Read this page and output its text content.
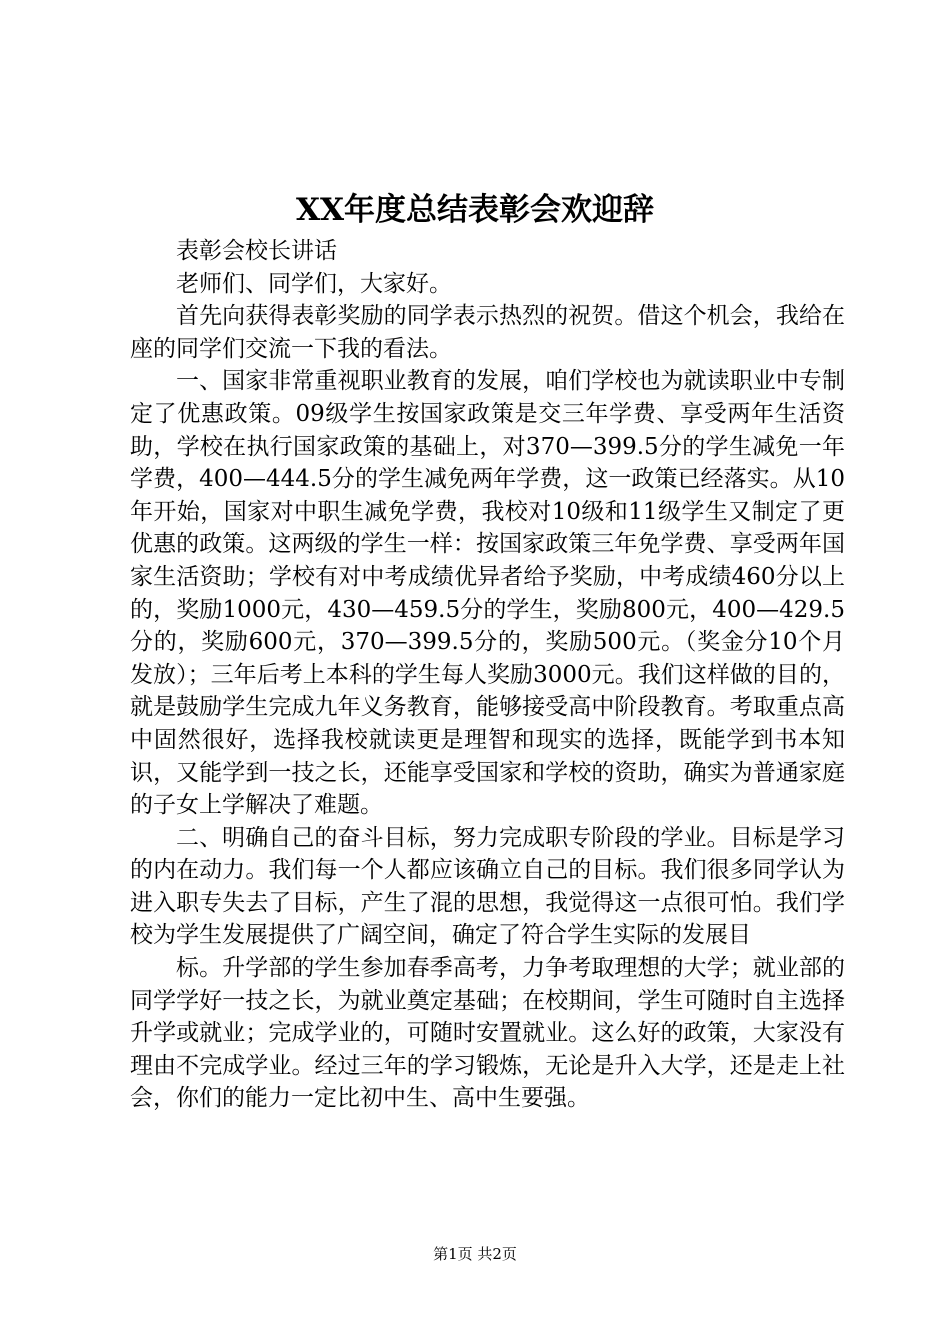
XX年度总结表彰会欢迎辞

表彰会校长讲话

老师们、同学们，大家好。

首先向获得表彰奖励的同学表示热烈的祝贺。借这个机会，我给在座的同学们交流一下我的看法。

一、国家非常重视职业教育的发展，咱们学校也为就读职业中专制定了优惠政策。09级学生按国家政策是交三年学费、享受两年生活资助，学校在执行国家政策的基础上，对370—399.5分的学生减免一年学费，400—444.5分的学生减免两年学费，这一政策已经落实。从10年开始，国家对中职生减免学费，我校对10级和11级学生又制定了更优惠的政策。这两级的学生一样：按国家政策三年免学费、享受两年国家生活资助；学校有对中考成绩优异者给予奖励，中考成绩460分以上的，奖励1000元，430—459.5分的学生，奖励800元，400—429.5分的，奖励600元，370—399.5分的，奖励500元。（奖金分10个月发放）；三年后考上本科的学生每人奖励3000元。我们这样做的目的，就是鼓励学生完成九年义务教育，能够接受高中阶段教育。考取重点高中固然很好，选择我校就读更是理智和现实的选择，既能学到书本知识，又能学到一技之长，还能享受国家和学校的资助，确实为普通家庭的子女上学解决了难题。

二、明确自己的奋斗目标，努力完成职专阶段的学业。目标是学习的内在动力。我们每一个人都应该确立自己的目标。我们很多同学认为进入职专失去了目标，产生了混的思想，我觉得这一点很可怕。我们学校为学生发展提供了广阔空间，确定了符合学生实际的发展目

标。升学部的学生参加春季高考，力争考取理想的大学；就业部的同学学好一技之长，为就业奠定基础；在校期间，学生可随时自主选择升学或就业；完成学业的，可随时安置就业。这么好的政策，大家没有理由不完成学业。经过三年的学习锻炼，无论是升入大学，还是走上社会，你们的能力一定比初中生、高中生要强。

第1页 共2页
